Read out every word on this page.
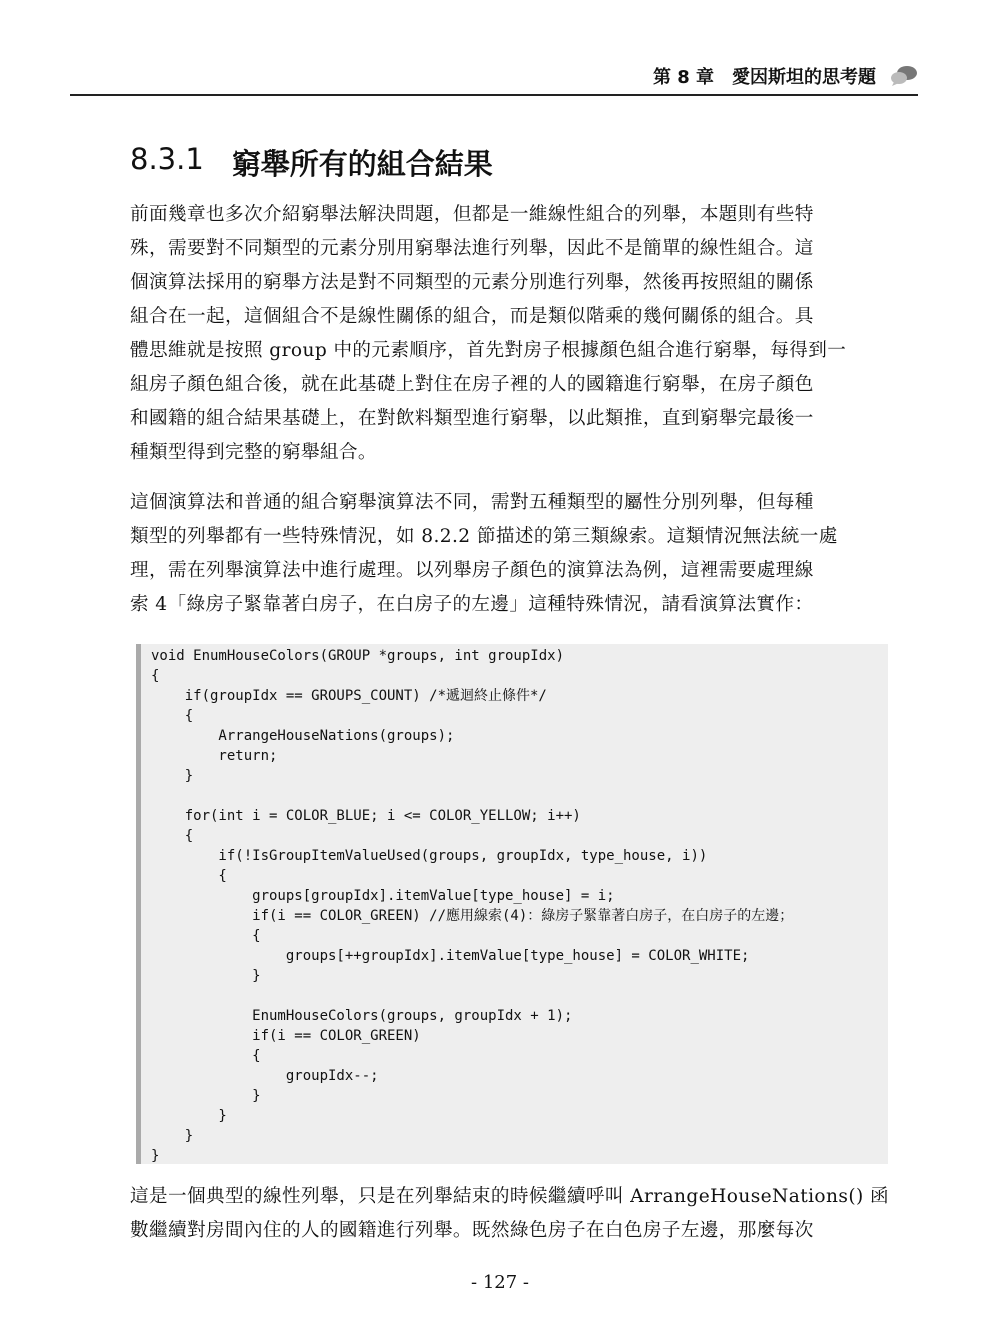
第 8 章　愛因斯坦的思考題
8.3.1 窮舉所有的組合結果
前面幾章也多次介紹窮舉法解決問題，但都是一維線性組合的列舉，本題則有些特
殊，需要對不同類型的元素分別用窮舉法進行列舉，因此不是簡單的線性組合。這
個演算法採用的窮舉方法是對不同類型的元素分別進行列舉，然後再按照組的關係
組合在一起，這個組合不是線性關係的組合，而是類似階乘的幾何關係的組合。具
體思維就是按照 group 中的元素順序，首先對房子根據顏色組合進行窮舉，每得到一
組房子顏色組合後，就在此基礎上對住在房子裡的人的國籍進行窮舉，在房子顏色
和國籍的組合結果基礎上，在對飲料類型進行窮舉，以此類推，直到窮舉完最後一
種類型得到完整的窮舉組合。
這個演算法和普通的組合窮舉演算法不同，需對五種類型的屬性分別列舉，但每種
類型的列舉都有一些特殊情況，如 8.2.2 節描述的第三類線索。這類情況無法統一處
理，需在列舉演算法中進行處理。以列舉房子顏色的演算法為例，這裡需要處理線
索 4「綠房子緊靠著白房子，在白房子的左邊」這種特殊情況，請看演算法實作：
void EnumHouseColors(GROUP *groups, int groupIdx)
{
if(groupIdx == GROUPS_COUNT) /*遞迴終止條件*/
{
ArrangeHouseNations(groups);
return;
}
for(int i = COLOR_BLUE; i <= COLOR_YELLOW; i++)
{
if(!IsGroupItemValueUsed(groups, groupIdx, type_house, i))
{
groups[groupIdx].itemValue[type_house] = i;
if(i == COLOR_GREEN) //應用線索(4)：綠房子緊靠著白房子，在白房子的左邊；
{
groups[++groupIdx].itemValue[type_house] = COLOR_WHITE;
}
EnumHouseColors(groups, groupIdx + 1);
if(i == COLOR_GREEN)
{
groupIdx--;
}
}
}
}
這是一個典型的線性列舉，只是在列舉結束的時候繼續呼叫 ArrangeHouseNations() 函
數繼續對房間內住的人的國籍進行列舉。既然綠色房子在白色房子左邊，那麼每次
- 127 -
